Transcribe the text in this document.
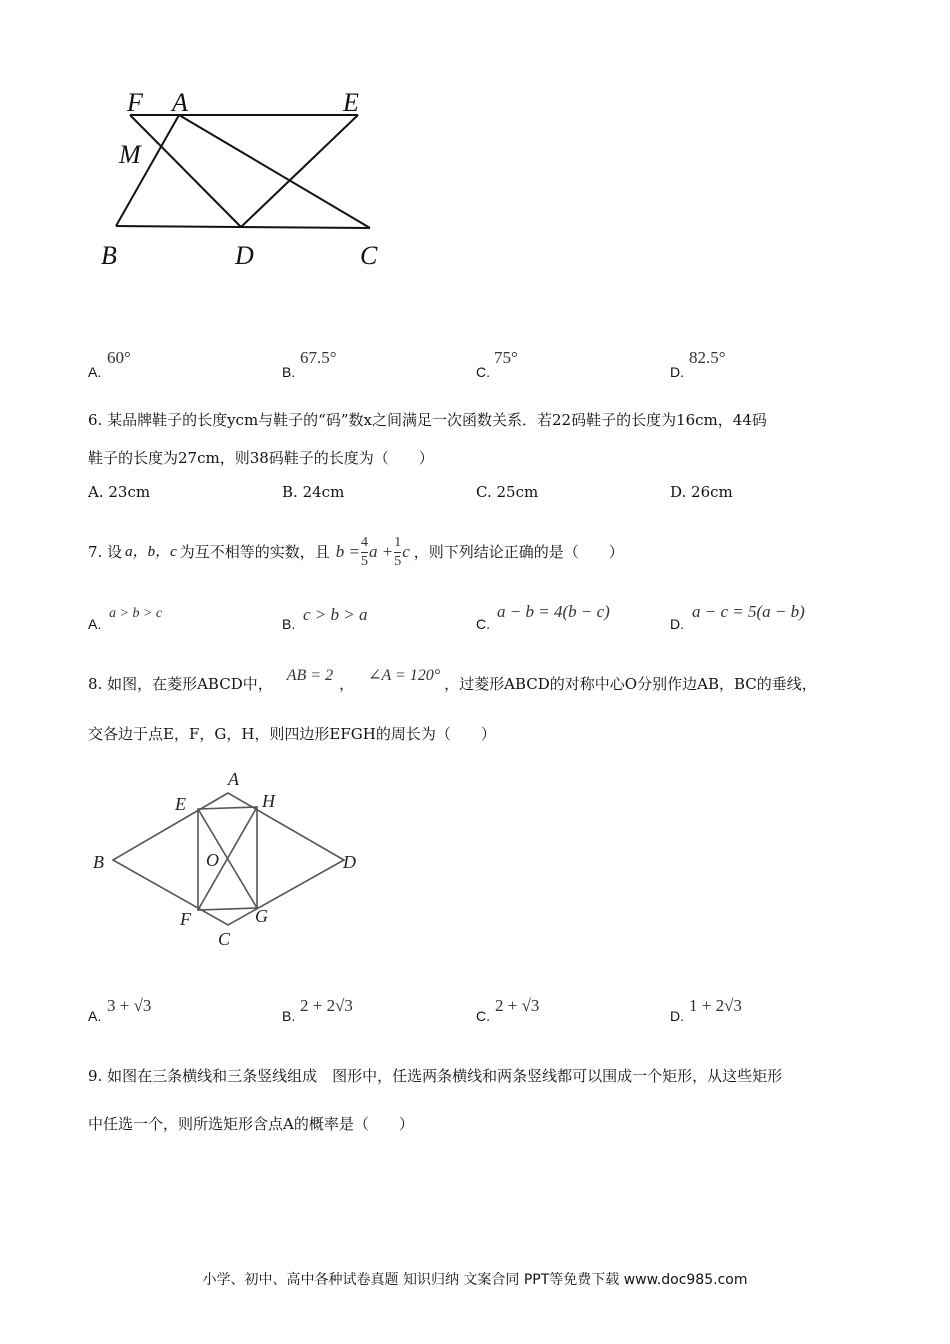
F A	E
M
B	D	C
A.
60°
B.
67.5°
C.
75°
D.
82.5°
6. 某品牌鞋子的长度ycm与鞋子的“码”数x之间满足一次函数关系．若22码鞋子的长度为16cm，44码
鞋子的长度为27cm，则38码鞋子的长度为（　　）
A. 23cm	B. 24cm	C. 25cm	D. 26cm
7. 设 a，b，c 为互不相等的实数，且 $b = \frac{4}{5}$ $a + \frac{1}{5}$ c ，则下列结论正确的是（　　）
A.
a > b > c
B. c > b > a	C.
a − b = 4(b − c)
D.
a − c = 5(a − b)
8. 如图，在菱形ABCD中， AB = 2 ， ∠A = 120° ，过菱形ABCD的对称中心O分别作边AB，BC的垂线，
交各边于点E，F，G，H，则四边形EFGH的周长为（　　）
A
B
C
D
E
F	G
H
O
A.
3 + √3
B.
2 + 2√3
C.
2 + √3
D.
1 + 2√3
9. 如图在三条横线和三条竖线组成　图形中，任选两条横线和两条竖线都可以围成一个矩形，从这些矩形
中任选一个，则所选矩形含点A的概率是（　　）
小学、初中、高中各种试卷真题 知识归纳 文案合同 PPT等免费下载 www.doc985.com
